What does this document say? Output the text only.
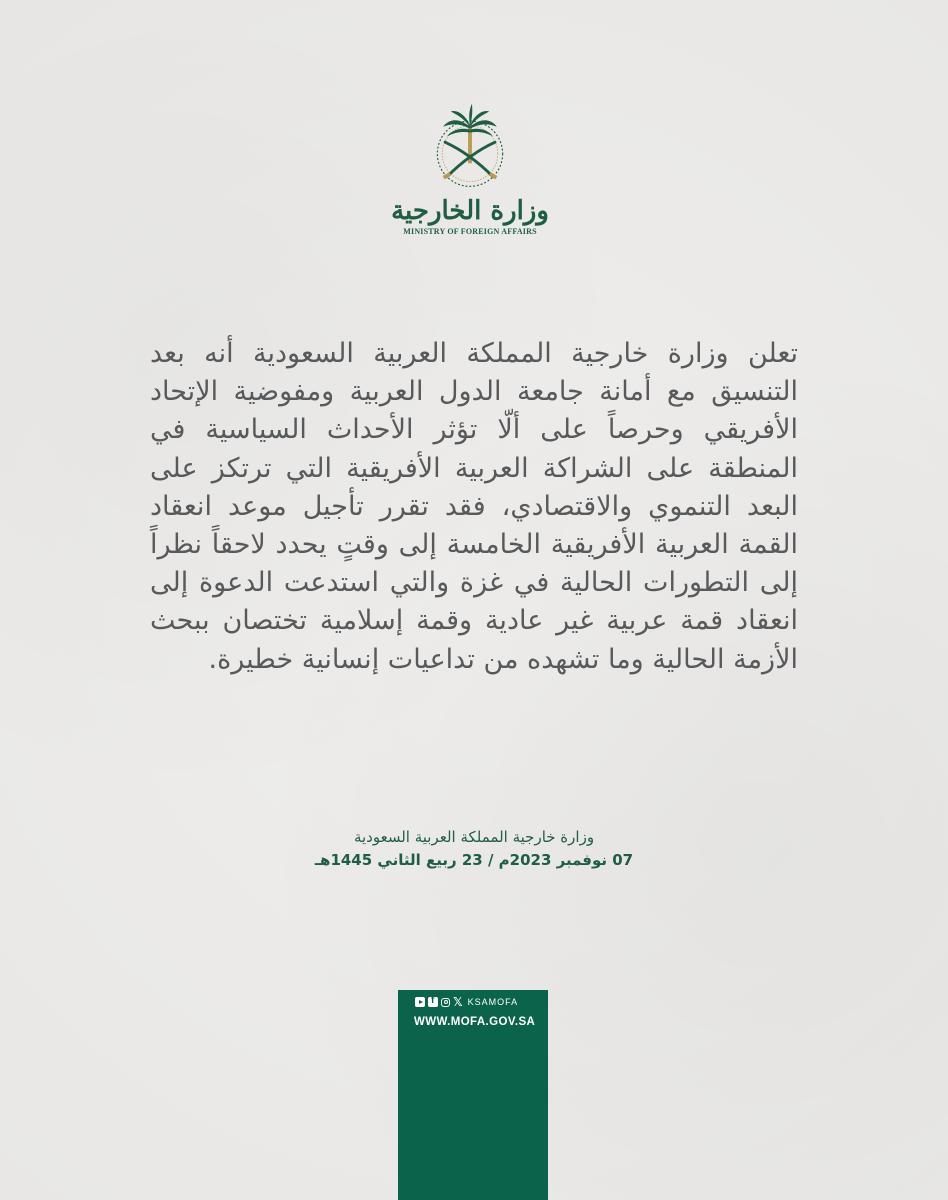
وزارة الخارجية
MINISTRY OF FOREIGN AFFAIRS
تعلن وزارة خارجية المملكة العربية السعودية أنه بعد التنسيق مع أمانة جامعة الدول العربية ومفوضية الإتحاد الأفريقي وحرصاً على ألّا تؤثر الأحداث السياسية في المنطقة على الشراكة العربية الأفريقية التي ترتكز على البعد التنموي والاقتصادي، فقد تقرر تأجيل موعد انعقاد القمة العربية الأفريقية الخامسة إلى وقتٍ يحدد لاحقاً نظراً إلى التطورات الحالية في غزة والتي استدعت الدعوة إلى انعقاد قمة عربية غير عادية وقمة إسلامية تختصان ببحث الأزمة الحالية وما تشهده من تداعيات إنسانية خطيرة.
وزارة خارجية المملكة العربية السعودية
07 نوفمبر 2023م / 23 ربيع الثاني 1445هـ
f
𝕏 KSAMOFA
WWW.MOFA.GOV.SA
